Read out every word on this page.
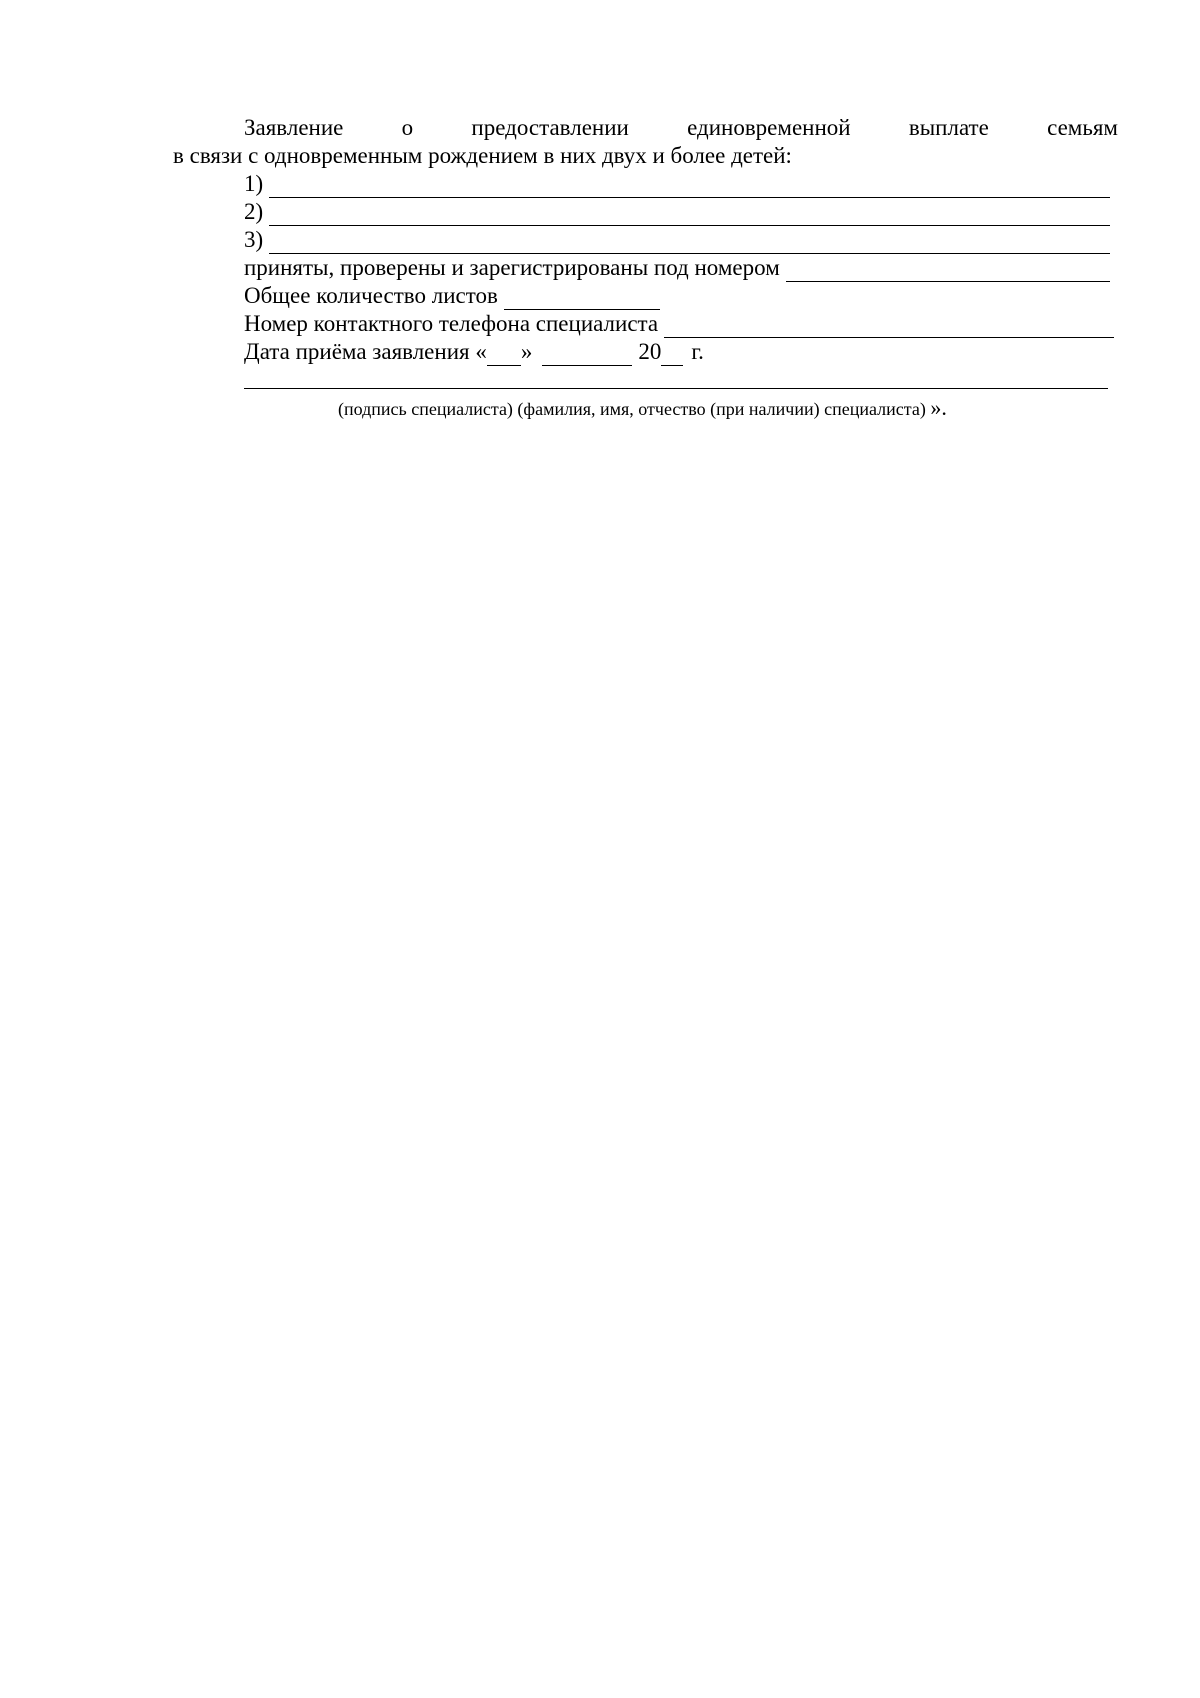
Заявление	о	предоставлении	единовременной	выплате	семьям
в связи с одновременным рождением в них двух и более детей:
1)
2)
3)
приняты, проверены и зарегистрированы под номером
Общее количество листов
Номер контактного телефона специалиста
Дата приёма заявления « »	20 г.
(подпись специалиста) (фамилия, имя, отчество (при наличии) специалиста) ».
